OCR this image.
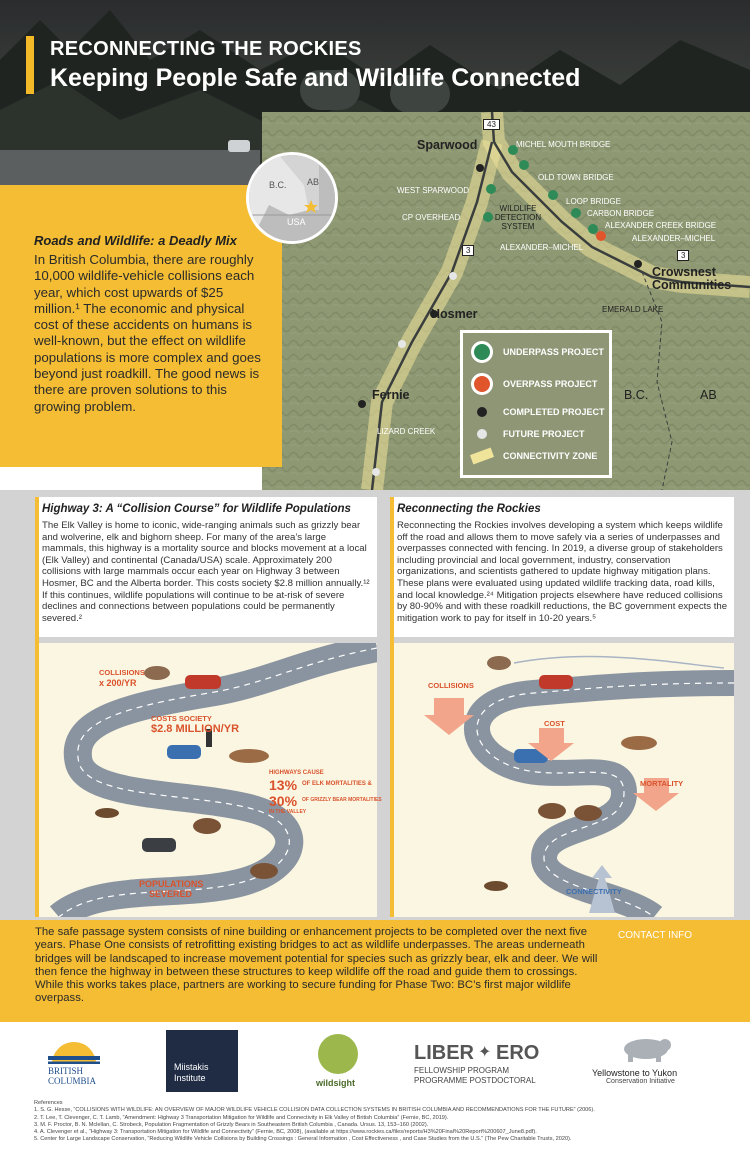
RECONNECTING THE ROCKIES
Keeping People Safe and Wildlife Connected
43
3
3
Sparwood
Hosmer
Fernie
Crowsnest Communities
MICHEL MOUTH BRIDGE
OLD TOWN BRIDGE
WEST SPARWOOD
LOOP BRIDGE
CARBON BRIDGE
CP OVERHEAD
WILDLIFE DETECTION SYSTEM	ALEXANDER CREEK BRIDGE
ALEXANDER–MICHEL
ALEXANDER–MICHEL
EMERALD LAKE
LIZARD CREEK
B.C.	AB
UNDERPASS PROJECT
OVERPASS PROJECT
COMPLETED PROJECT
FUTURE PROJECT
CONNECTIVITY ZONE
B.C. AB
USA
Roads and Wildlife: a Deadly Mix
In British Columbia, there are roughly 10,000 wildlife-vehicle collisions each year, which cost upwards of $25 million.¹ The economic and physical cost of these accidents on humans is well-known, but the effect on wildlife populations is more complex and goes beyond just roadkill. The good news is there are proven solutions to this growing problem.
Highway 3: A “Collision Course” for Wildlife Populations
The Elk Valley is home to iconic, wide-ranging animals such as grizzly bear and wolverine, elk and bighorn sheep. For many of the area’s large mammals, this highway is a mortality source and blocks movement at a local (Elk Valley) and continental (Canada/USA) scale. Approximately 200 collisions with large mammals occur each year on Highway 3 between Hosmer, BC and the Alberta border. This costs society $2.8 million annually.¹² If this continues, wildlife populations will continue to be at-risk of severe declines and connections between populations could be permanently severed.²
COLLISIONS
x 200/YR
COSTS SOCIETY
$2.8 MILLION/YR
HIGHWAYS CAUSE
13% OF ELK MORTALITIES &
30% OF GRIZZLY BEAR MORTALITIES
IN THE VALLEY
POPULATIONS
SEVERED
Reconnecting the Rockies
Reconnecting the Rockies involves developing a system which keeps wildlife off the road and allows them to move safely via a series of underpasses and overpasses connected with fencing. In 2019, a diverse group of stakeholders including provincial and local government, industry, conservation organizations, and scientists gathered to update highway mitigation plans. These plans were evaluated using updated wildlife tracking data, road kills, and local knowledge.²⁴ Mitigation projects elsewhere have reduced collisions by 80-90% and with these roadkill reductions, the BC government expects the mitigation work to pay for itself in 10-20 years.⁵
COLLISIONS
COST
MORTALITY
CONNECTIVITY
The safe passage system consists of nine building or enhancement projects to be completed over the next five years. Phase One consists of retrofitting existing bridges to act as wildlife underpasses. The areas underneath bridges will be landscaped to increase movement potential for species such as grizzly bear, elk and deer. We will then fence the highway in between these structures to keep wildlife off the road and guide them to crossings. While this works takes place, partners are working to secure funding for Phase Two: BC’s first major wildlife overpass.
CONTACT INFO
BRITISH
COLUMBIA
Miistakis
Institute	wildsight
LIBER ✦ ERO
FELLOWSHIP PROGRAM
PROGRAMME POSTDOCTORAL
Yellowstone to Yukon
Conservation Initiative
References
1. S. G. Hesse, “COLLISIONS WITH WILDLIFE: AN OVERVIEW OF MAJOR WILDLIFE VEHICLE COLLISION DATA COLLECTION SYSTEMS IN BRITISH COLUMBIA AND RECOMMENDATIONS FOR THE FUTURE” (2006).
2. T. Lee, T. Clevenger, C. T. Lamb, “Amendment: Highway 3 Transportation Mitigation for Wildlife and Connectivity in Elk Valley of British Columbia” (Fernie, BC, 2019).
3. M. F. Proctor, B. N. Mclellan, C. Strobeck, Population Fragmentation of Grizzly Bears in Southeastern British Columbia , Canada. Ursus. 13, 153–160 (2002).
4. A. Clevenger et al., “Highway 3: Transportation Mitigation for Wildlife and Connectivity” (Fernie, BC, 2008), (available at https://www.rockies.ca/files/reports/H3%20Final%20Report%200607_June8.pdf).
5. Center for Large Landscape Conservation, “Reducing Wildlife Vehicle Collisions by Building Crossings : General Information , Cost Effectiveness , and Case Studies from the U.S.” (The Pew Charitable Trusts, 2020).
